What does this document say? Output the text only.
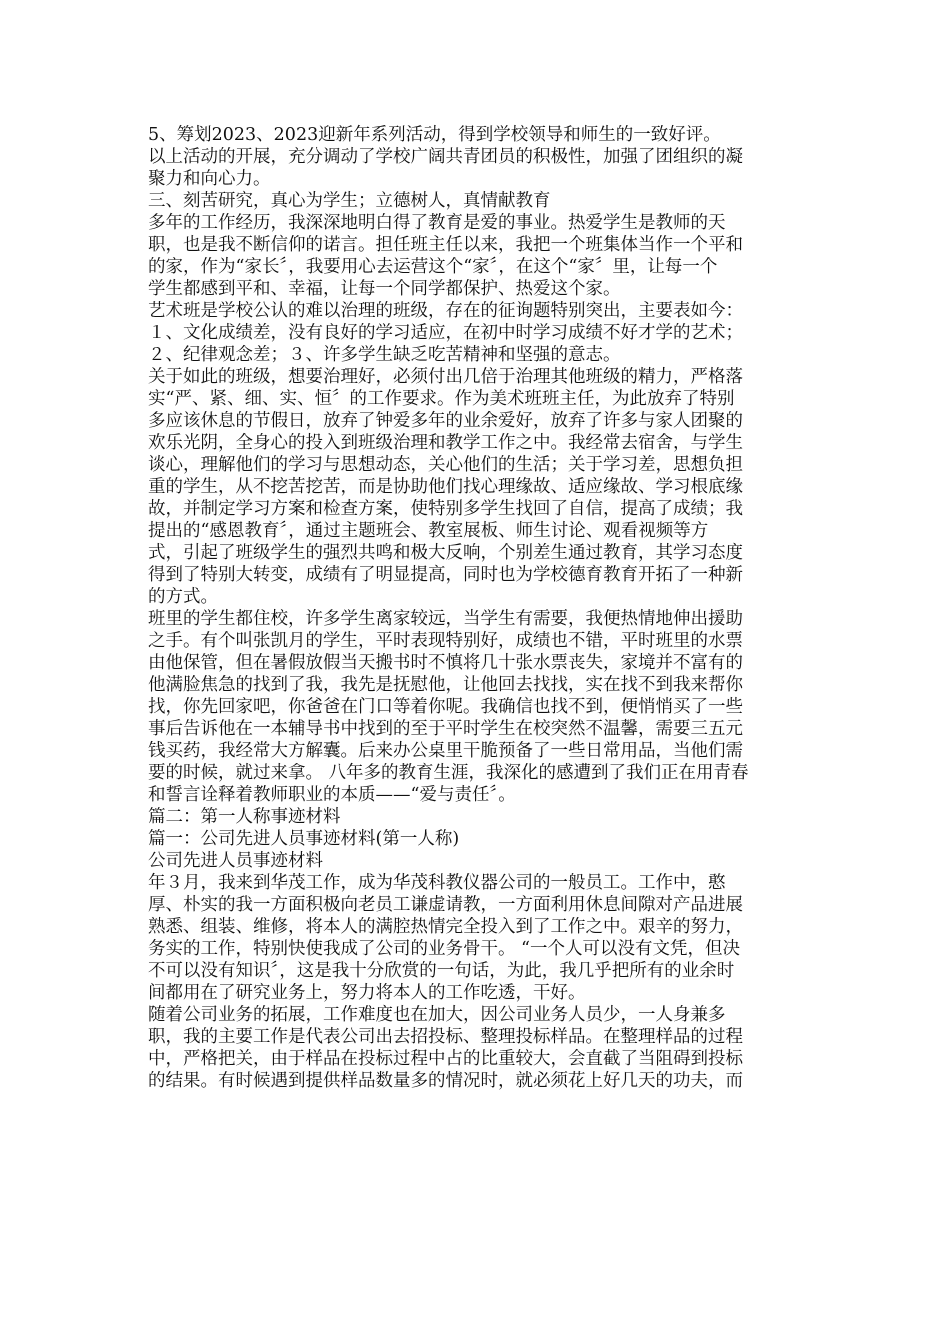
5、筹划2023、2023迎新年系列活动，得到学校领导和师生的一致好评。
以上活动的开展，充分调动了学校广阔共青团员的积极性，加强了团组织的凝
聚力和向心力。
三、刻苦研究，真心为学生；立德树人，真情献教育
多年的工作经历，我深深地明白得了教育是爱的事业。热爱学生是教师的天
职，也是我不断信仰的诺言。担任班主任以来，我把一个班集体当作一个平和
的家，作为“家长〞，我要用心去运营这个“家〞，在这个“家〞里，让每一个
学生都感到平和、幸福，让每一个同学都保护、热爱这个家。
艺术班是学校公认的难以治理的班级，存在的征询题特别突出，主要表如今：
１、文化成绩差，没有良好的学习适应，在初中时学习成绩不好才学的艺术；
２、纪律观念差；３、许多学生缺乏吃苦精神和坚强的意志。
关于如此的班级，想要治理好，必须付出几倍于治理其他班级的精力，严格落
实“严、紧、细、实、恒〞的工作要求。作为美术班班主任，为此放弃了特别
多应该休息的节假日，放弃了钟爱多年的业余爱好，放弃了许多与家人团聚的
欢乐光阴，全身心的投入到班级治理和教学工作之中。我经常去宿舍，与学生
谈心，理解他们的学习与思想动态，关心他们的生活；关于学习差，思想负担
重的学生，从不挖苦挖苦，而是协助他们找心理缘故、适应缘故、学习根底缘
故，并制定学习方案和检查方案，使特别多学生找回了自信，提高了成绩；我
提出的“感恩教育〞，通过主题班会、教室展板、师生讨论、观看视频等方
式，引起了班级学生的强烈共鸣和极大反响，个别差生通过教育，其学习态度
得到了特别大转变，成绩有了明显提高，同时也为学校德育教育开拓了一种新
的方式。
班里的学生都住校，许多学生离家较远，当学生有需要，我便热情地伸出援助
之手。有个叫张凯月的学生，平时表现特别好，成绩也不错，平时班里的水票
由他保管，但在暑假放假当天搬书时不慎将几十张水票丧失，家境并不富有的
他满脸焦急的找到了我，我先是抚慰他，让他回去找找，实在找不到我来帮你
找，你先回家吧，你爸爸在门口等着你呢。我确信也找不到，便悄悄买了一些
事后告诉他在一本辅导书中找到的至于平时学生在校突然不温馨，需要三五元
钱买药，我经常大方解囊。后来办公桌里干脆预备了一些日常用品，当他们需
要的时候，就过来拿。 八年多的教育生涯，我深化的感遭到了我们正在用青春
和誓言诠释着教师职业的本质——“爱与责任〞。
篇二：第一人称事迹材料
篇一：公司先进人员事迹材料(第一人称)
公司先进人员事迹材料
年３月，我来到华茂工作，成为华茂科教仪器公司的一般员工。工作中，憨
厚、朴实的我一方面积极向老员工谦虚请教，一方面利用休息间隙对产品进展
熟悉、组装、维修，将本人的满腔热情完全投入到了工作之中。艰辛的努力，
务实的工作，特别快使我成了公司的业务骨干。 “一个人可以没有文凭，但决
不可以没有知识〞，这是我十分欣赏的一句话，为此，我几乎把所有的业余时
间都用在了研究业务上，努力将本人的工作吃透，干好。
随着公司业务的拓展，工作难度也在加大，因公司业务人员少，一人身兼多
职，我的主要工作是代表公司出去招投标、整理投标样品。在整理样品的过程
中，严格把关，由于样品在投标过程中占的比重较大，会直截了当阻碍到投标
的结果。有时候遇到提供样品数量多的情况时，就必须花上好几天的功夫，而
